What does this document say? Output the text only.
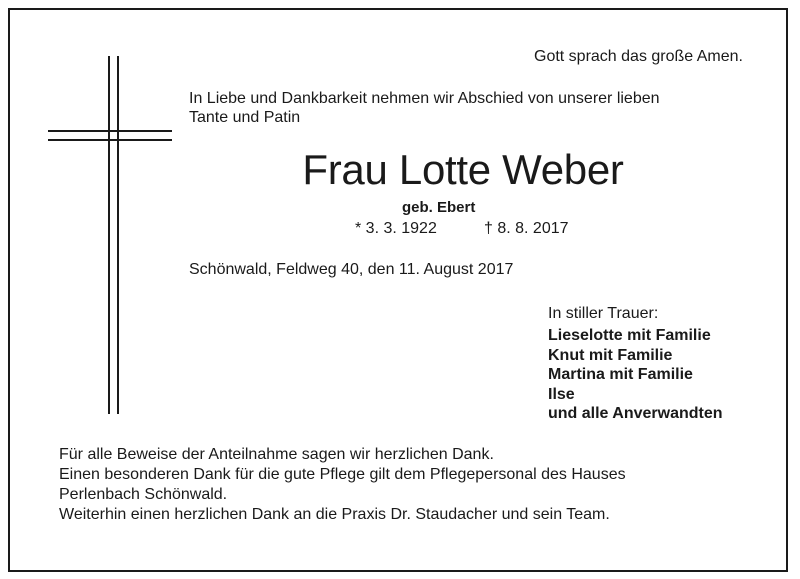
Gott sprach das große Amen.
In Liebe und Dankbarkeit nehmen wir Abschied von unserer lieben
Tante und Patin
Frau Lotte Weber
geb. Ebert
* 3. 3. 1922	† 8. 8. 2017
Schönwald, Feldweg 40, den 11. August 2017
In stiller Trauer:
Lieselotte mit Familie
Knut mit Familie
Martina mit Familie
Ilse
und alle Anverwandten
Für alle Beweise der Anteilnahme sagen wir herzlichen Dank.
Einen besonderen Dank für die gute Pflege gilt dem Pflegepersonal des Hauses
Perlenbach Schönwald.
Weiterhin einen herzlichen Dank an die Praxis Dr. Staudacher und sein Team.
